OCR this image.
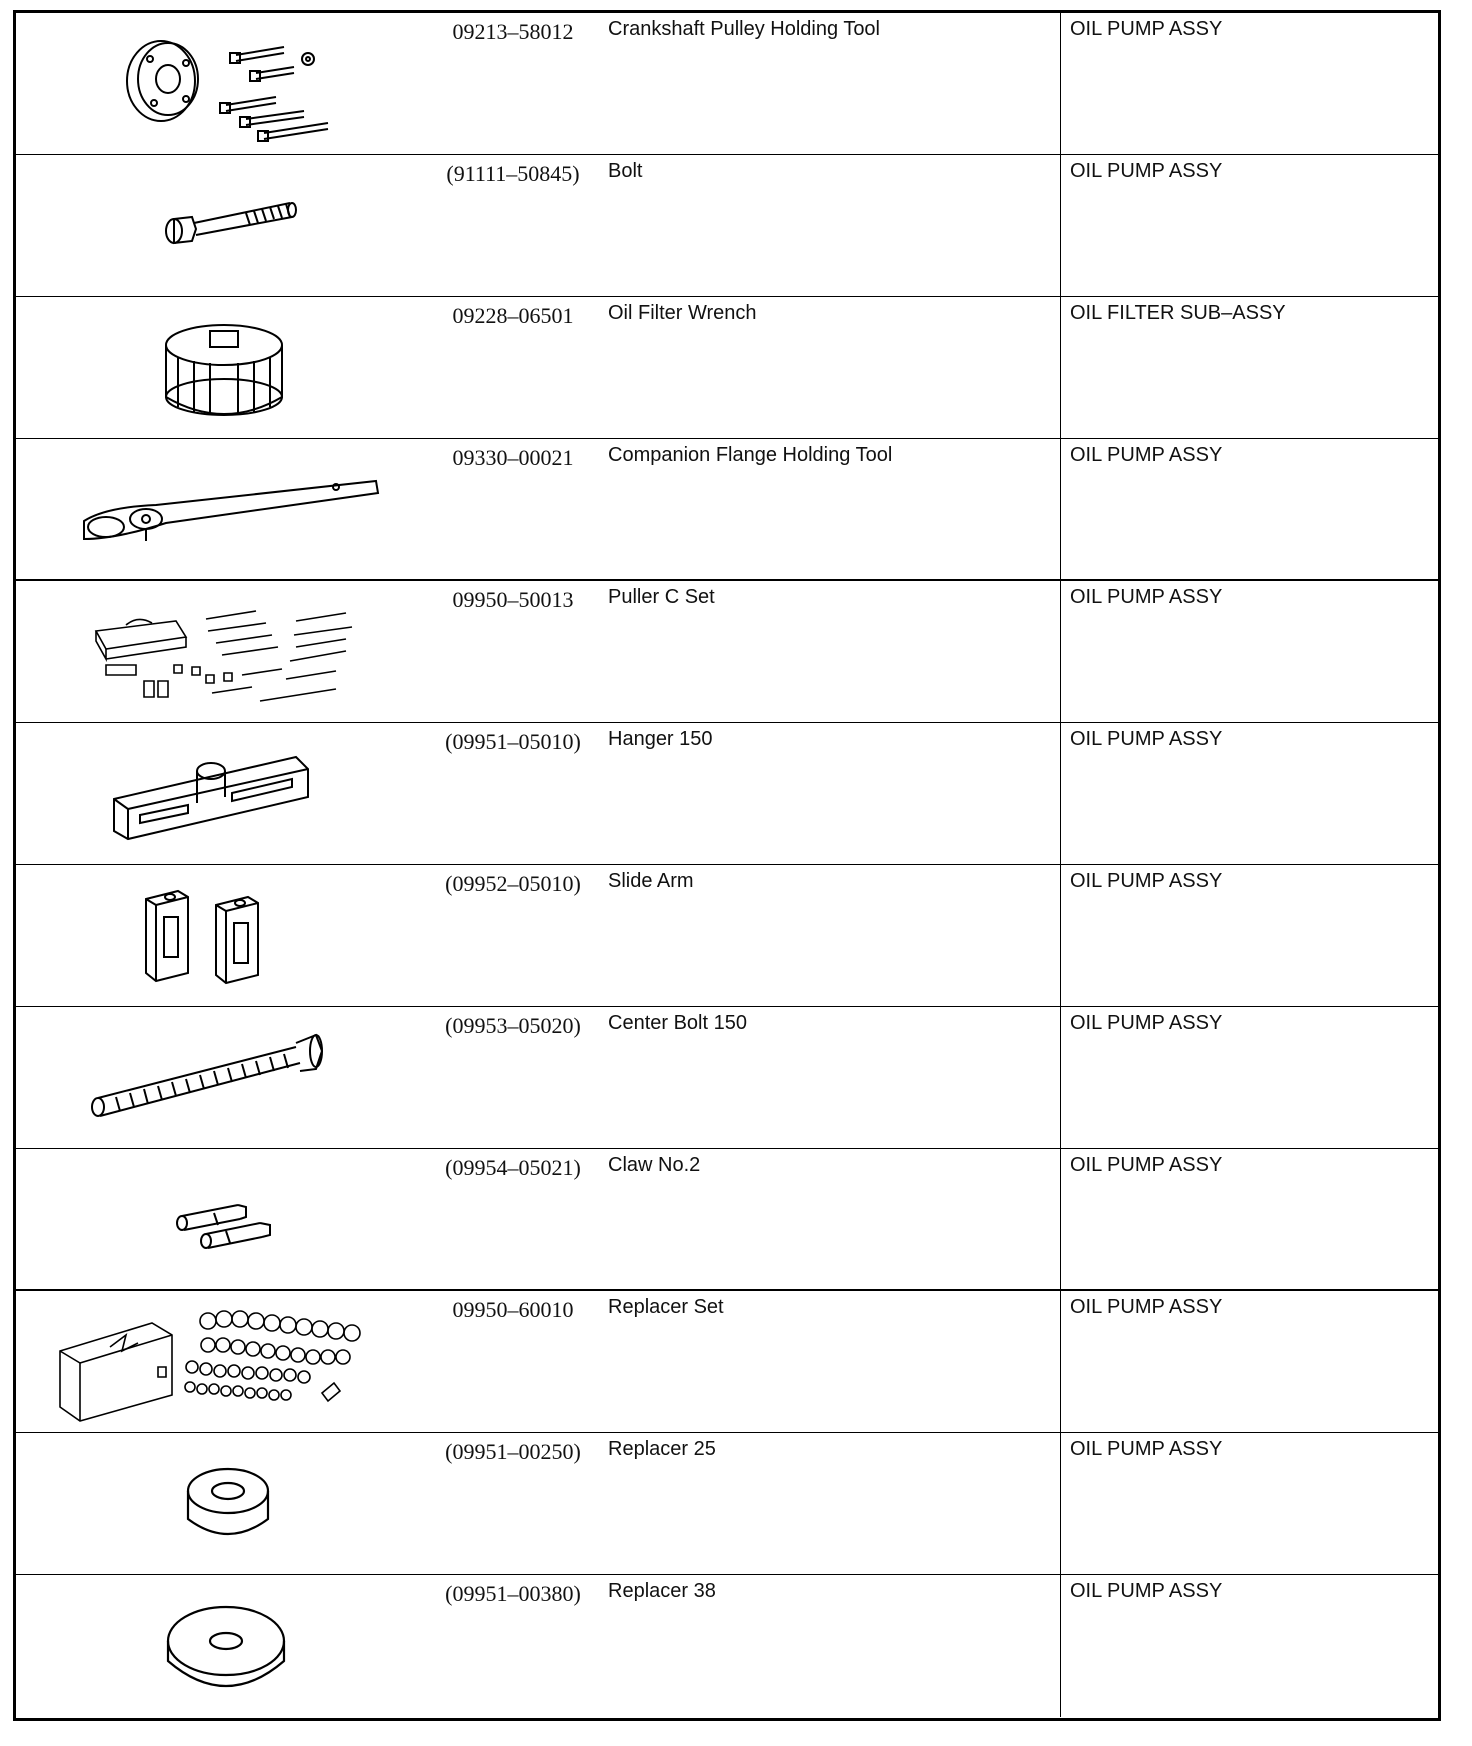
09213–58012	Crankshaft Pulley Holding Tool	OIL PUMP ASSY
(91111–50845)	Bolt	OIL PUMP ASSY
09228–06501	Oil Filter Wrench	OIL FILTER SUB–ASSY
09330–00021	Companion Flange Holding Tool	OIL PUMP ASSY
09950–50013	Puller C Set	OIL PUMP ASSY
(09951–05010)	Hanger 150	OIL PUMP ASSY
(09952–05010)	Slide Arm	OIL PUMP ASSY
(09953–05020)	Center Bolt 150	OIL PUMP ASSY
(09954–05021)	Claw No.2	OIL PUMP ASSY
09950–60010	Replacer Set	OIL PUMP ASSY
(09951–00250)	Replacer 25	OIL PUMP ASSY
(09951–00380)	Replacer 38	OIL PUMP ASSY
